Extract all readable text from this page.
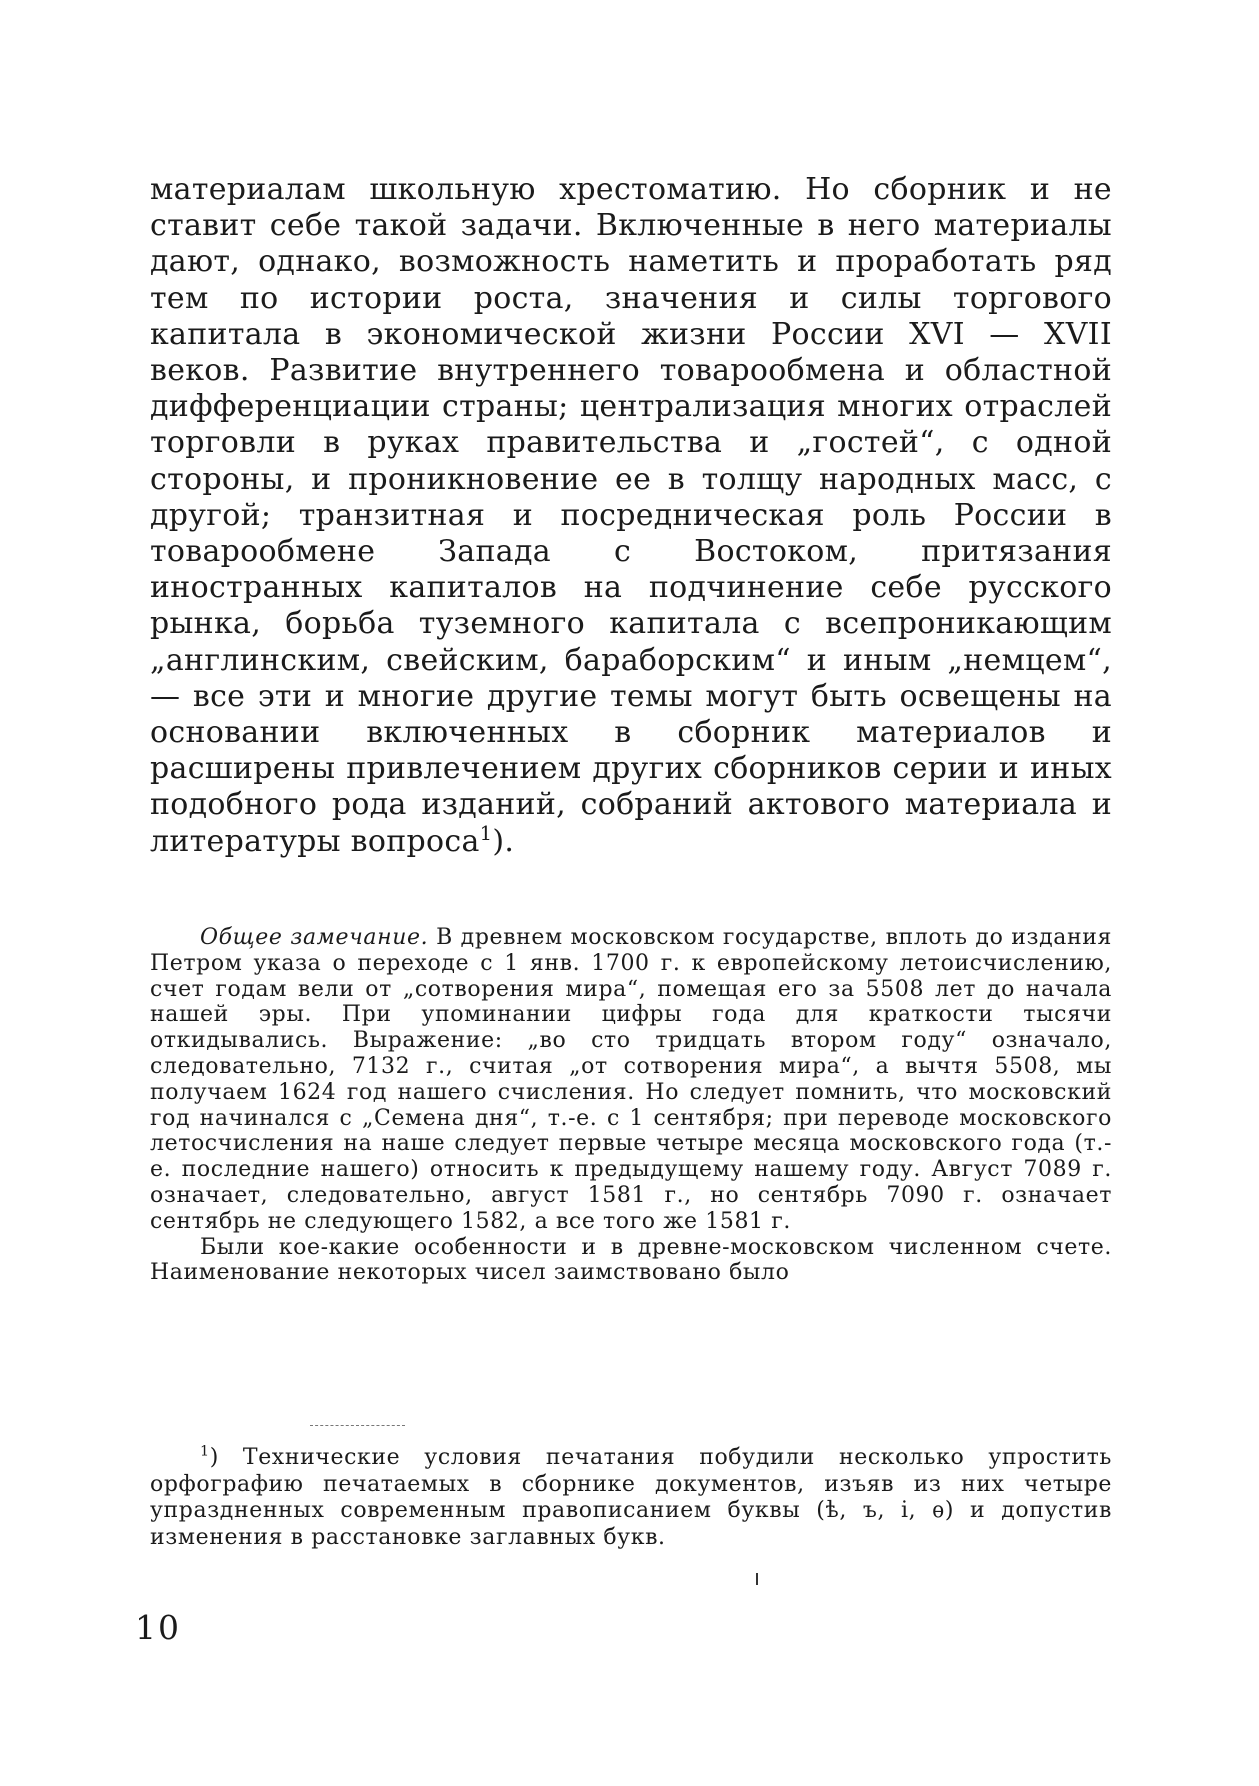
материалам школьную хрестоматию. Но сборник и не ставит себе такой задачи. Включенные в него материалы дают, однако, возможность наметить и проработать ряд тем по истории роста, значения и силы торгового капитала в экономической жизни России XVI — XVII веков. Развитие внутреннего товарообмена и областной дифференциации страны; централизация многих отраслей торговли в руках правительства и „гостей“, с одной стороны, и проникновение ее в толщу народных масс, с другой; транзитная и посредническая роль России в товарообмене Запада с Востоком, притязания иностранных капиталов на подчинение себе русского рынка, борьба туземного капитала с всепроникающим „англинским, свейским, бараборским“ и иным „немцем“, — все эти и многие другие темы могут быть освещены на основании включенных в сборник материалов и расширены привлечением других сборников серии и иных подобного рода изданий, собраний актового материала и литературы вопроса$^1$).

Общее замечание. В древнем московском государстве, вплоть до издания Петром указа о переходе с 1 янв. 1700 г. к европейскому летоисчислению, счет годам вели от „сотворения мира“, помещая его за 5508 лет до начала нашей эры. При упоминании цифры года для краткости тысячи откидывались. Выражение: „во сто тридцать втором году“ означало, следовательно, 7132 г., считая „от сотворения мира“, а вычтя 5508, мы получаем 1624 год нашего счисления. Но следует помнить, что московский год начинался с „Семена дня“, т.-е. с 1 сентября; при переводе московского летосчисления на наше следует первые четыре месяца московского года (т.-е. последние нашего) относить к предыдущему нашему году. Август 7089 г. означает, следовательно, август 1581 г., но сентябрь 7090 г. означает сентябрь не следующего 1582, а все того же 1581 г.

Были кое-какие особенности и в древне-московском численном счете. Наименование некоторых чисел заимствовано было

$^1$) Технические условия печатания побудили несколько упростить орфографию печатаемых в сборнике документов, изъяв из них четыре упраздненных современным правописанием буквы (ѣ, ъ, і, ѳ) и допустив изменения в расстановке заглавных букв.

10
